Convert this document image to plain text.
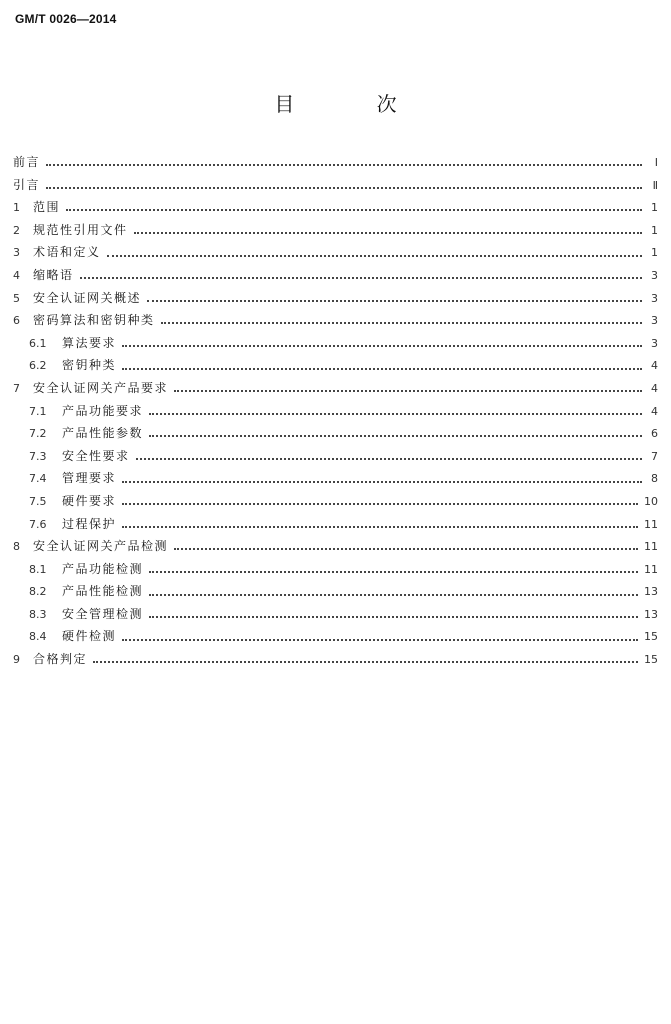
GM/T 0026—2014
目 次
前言	Ⅰ
引言	Ⅱ
1	范围	1
2	规范性引用文件	1
3	术语和定义	1
4	缩略语	3
5	安全认证网关概述	3
6	密码算法和密钥种类	3
6.1	算法要求	3
6.2	密钥种类	4
7	安全认证网关产品要求	4
7.1	产品功能要求	4
7.2	产品性能参数	6
7.3	安全性要求	7
7.4	管理要求	8
7.5	硬件要求	10
7.6	过程保护	11
8	安全认证网关产品检测	11
8.1	产品功能检测	11
8.2	产品性能检测	13
8.3	安全管理检测	13
8.4	硬件检测	15
9	合格判定	15
